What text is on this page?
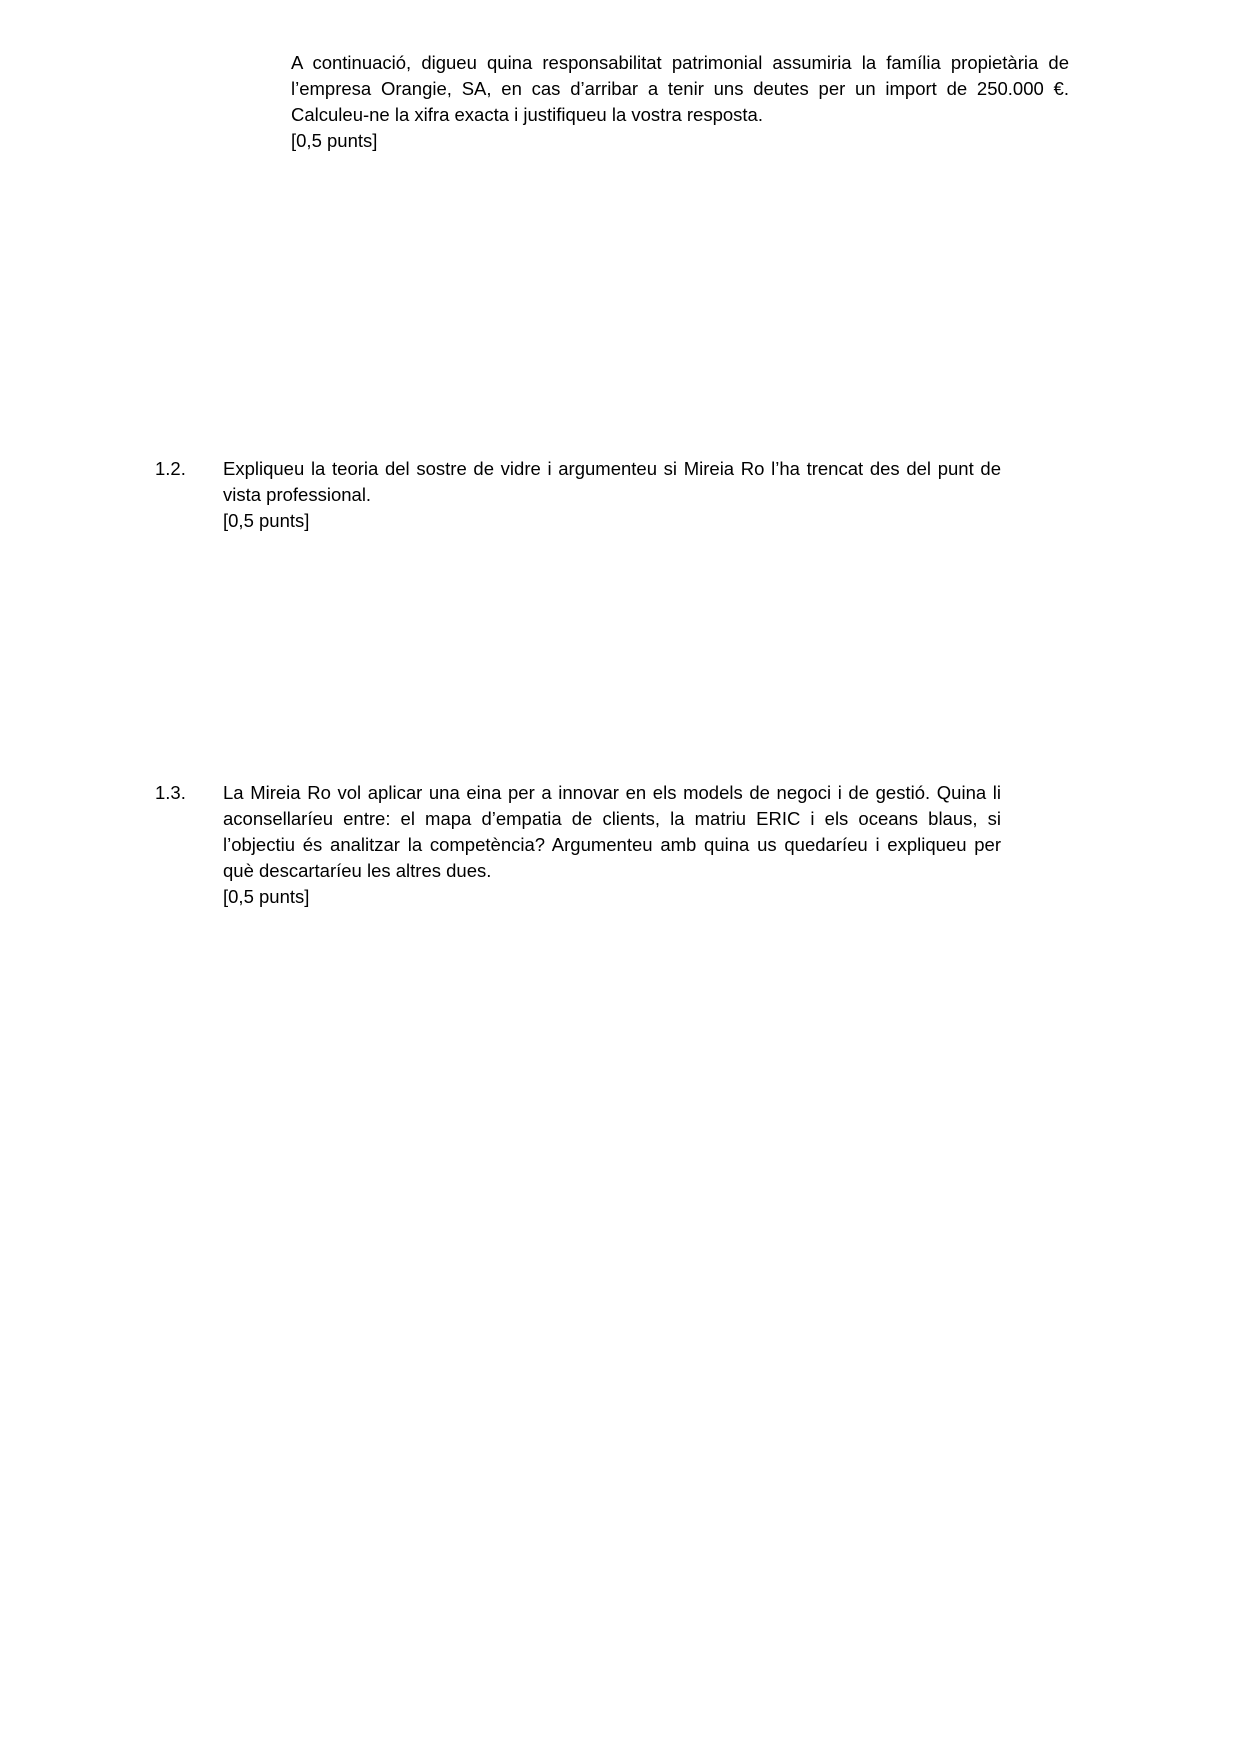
A continuació, digueu quina responsabilitat patrimonial assumiria la família propietària de l’empresa Orangie, SA, en cas d’arribar a tenir uns deutes per un import de 250.000 €. Calculeu-ne la xifra exacta i justifiqueu la vostra resposta.

[0,5 punts]

1.2.	Expliqueu la teoria del sostre de vidre i argumenteu si Mireia Ro l’ha trencat des del punt de vista professional.

[0,5 punts]

1.3.	La Mireia Ro vol aplicar una eina per a innovar en els models de negoci i de gestió. Quina li aconsellaríeu entre: el mapa d’empatia de clients, la matriu ERIC i els oceans blaus, si l’objectiu és analitzar la competència? Argumenteu amb quina us quedaríeu i expliqueu per què descartaríeu les altres dues.

[0,5 punts]
